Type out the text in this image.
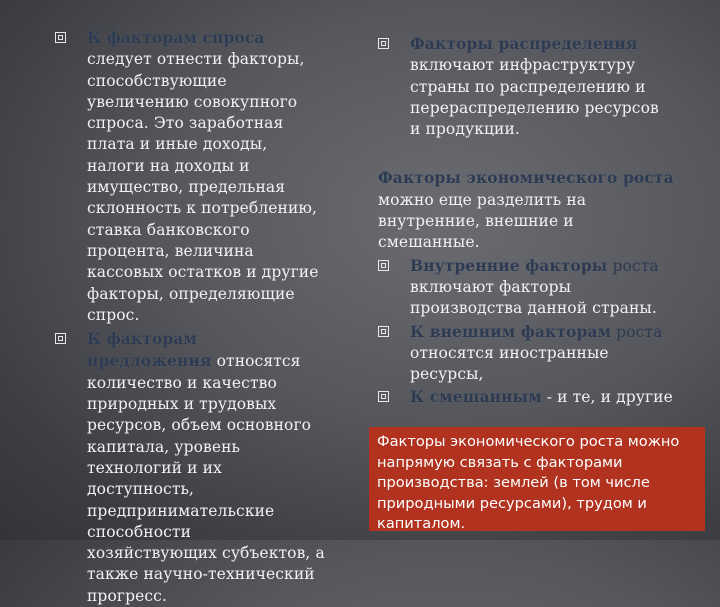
К факторам спроса следует отнести факторы, способствующие увеличению совокупного спроса. Это заработная плата и иные доходы, налоги на доходы и имущество, предельная склонность к потреблению, ставка банковского процента, величина кассовых остатков и другие факторы, определяющие спрос.
К факторам предложения относятся количество и качество природных и трудовых ресурсов, объем основного капитала, уровень технологий и их доступность, предпринимательские способности хозяйствующих субъектов, а также научно-технический прогресс.
Факторы распределения включают инфраструктуру страны по распределению и перераспределению ресурсов и продукции.
Факторы экономического роста можно еще разделить на внутренние, внешние и смешанные.
Внутренние факторы роста включают факторы производства данной страны.
К внешним факторам роста относятся иностранные ресурсы,
К смешанным - и те, и другие
Факторы экономического роста можно напрямую связать с факторами производства: землей (в том числе природными ресурсами), трудом и капиталом.
